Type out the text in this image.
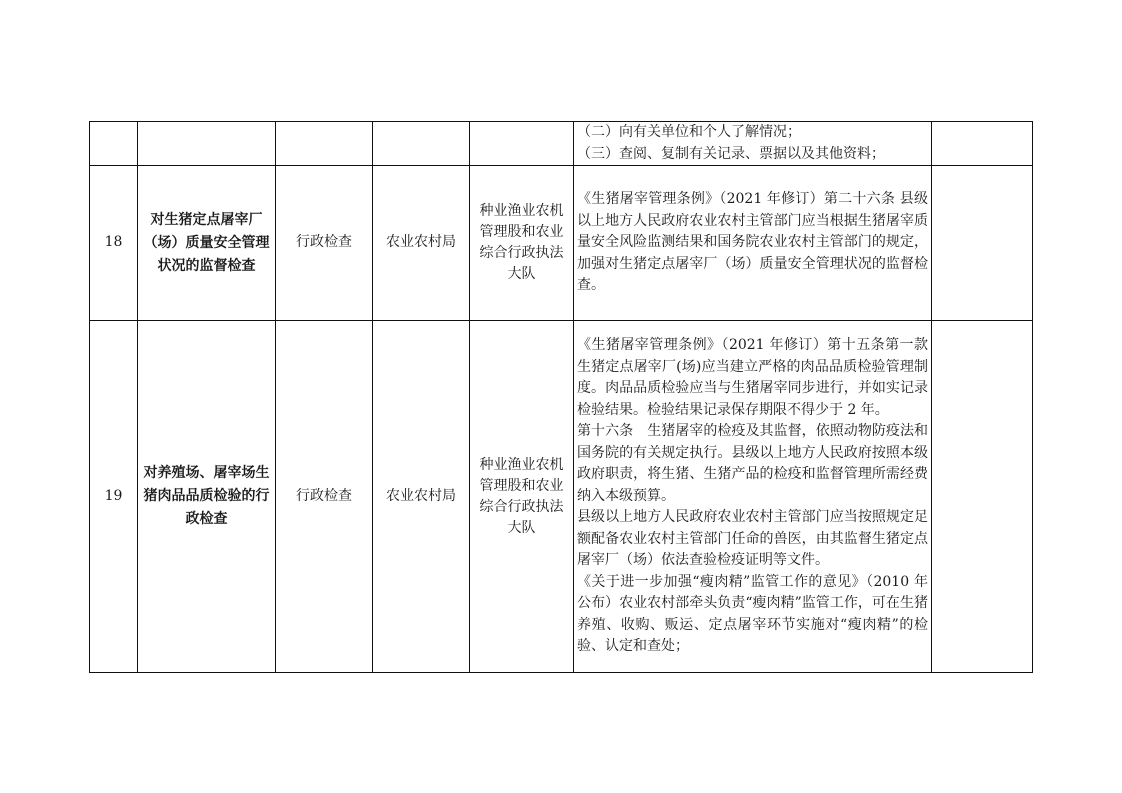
					（二）向有关单位和个人了解情况；
（三）查阅、复制有关记录、票据以及其他资料；	

18	对生猪定点屠宰厂（场）质量安全管理状况的监督检查	行政检查	农业农村局	种业渔业农机管理股和农业综合行政执法大队	《生猪屠宰管理条例》（2021 年修订）第二十六条 县级以上地方人民政府农业农村主管部门应当根据生猪屠宰质量安全风险监测结果和国务院农业农村主管部门的规定，加强对生猪定点屠宰厂（场）质量安全管理状况的监督检查。	

19	对养殖场、屠宰场生猪肉品品质检验的行政检查	行政检查	农业农村局	种业渔业农机管理股和农业综合行政执法大队	《生猪屠宰管理条例》（2021 年修订）第十五条第一款　生猪定点屠宰厂(场)应当建立严格的肉品品质检验管理制度。肉品品质检验应当与生猪屠宰同步进行，并如实记录检验结果。检验结果记录保存期限不得少于 2 年。
第十六条　生猪屠宰的检疫及其监督，依照动物防疫法和国务院的有关规定执行。县级以上地方人民政府按照本级政府职责，将生猪、生猪产品的检疫和监督管理所需经费纳入本级预算。
县级以上地方人民政府农业农村主管部门应当按照规定足额配备农业农村主管部门任命的兽医，由其监督生猪定点屠宰厂（场）依法查验检疫证明等文件。
《关于进一步加强“瘦肉精”监管工作的意见》（2010 年公布）农业农村部牵头负责“瘦肉精”监管工作，可在生猪养殖、收购、贩运、定点屠宰环节实施对“瘦肉精”的检验、认定和查处；	
